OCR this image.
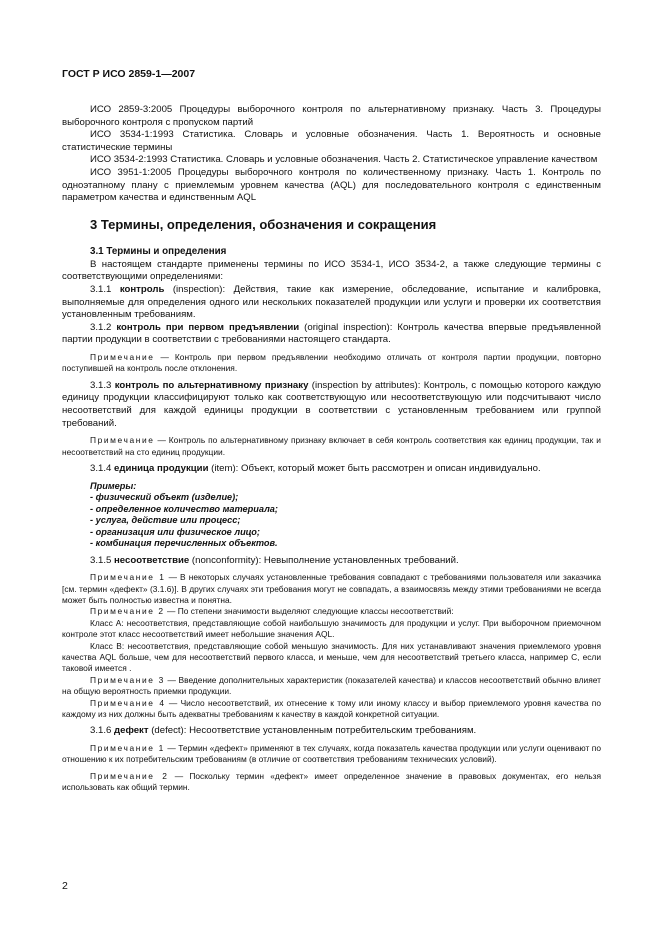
ГОСТ Р ИСО 2859-1—2007

ИСО 2859-3:2005 Процедуры выборочного контроля по альтернативному признаку. Часть 3. Процедуры выборочного контроля с пропуском партий

ИСО 3534-1:1993 Статистика. Словарь и условные обозначения. Часть 1. Вероятность и основные статистические термины

ИСО 3534-2:1993 Статистика. Словарь и условные обозначения. Часть 2. Статистическое управление качеством

ИСО 3951-1:2005 Процедуры выборочного контроля по количественному признаку. Часть 1. Контроль по одноэтапному плану с приемлемым уровнем качества (AQL) для последовательного контроля с единственным параметром качества и единственным AQL

3 Термины, определения, обозначения и сокращения
3.1 Термины и определения

В настоящем стандарте применены термины по ИСО 3534-1, ИСО 3534-2, а также следующие термины с соответствующими определениями:

3.1.1 контроль (inspection): Действия, такие как измерение, обследование, испытание и калибровка, выполняемые для определения одного или нескольких показателей продукции или услуги и проверки их соответствия установленным требованиям.

3.1.2 контроль при первом предъявлении (original inspection): Контроль качества впервые предъявленной партии продукции в соответствии с требованиями настоящего стандарта.

Примечание — Контроль при первом предъявлении необходимо отличать от контроля партии продукции, повторно поступившей на контроль после отклонения.

3.1.3 контроль по альтернативному признаку (inspection by attributes): Контроль, с помощью которого каждую единицу продукции классифицируют только как соответствующую или несоответствующую или подсчитывают число несоответствий для каждой единицы продукции в соответствии с установленным требованием или группой требований.

Примечание — Контроль по альтернативному признаку включает в себя контроль соответствия как единиц продукции, так и несоответствий на сто единиц продукции.

3.1.4 единица продукции (item): Объект, который может быть рассмотрен и описан индивидуально.

Примеры:

- физический объект (изделие);

- определенное количество материала;

- услуга, действие или процесс;

- организация или физическое лицо;

- комбинация перечисленных объектов.

3.1.5 несоответствие (nonconformity): Невыполнение установленных требований.

Примечание 1 — В некоторых случаях установленные требования совпадают с требованиями пользователя или заказчика [см. термин «дефект» (3.1.6)]. В других случаях эти требования могут не совпадать, а взаимосвязь между этими требованиями не всегда может быть полностью известна и понятна.

Примечание 2 — По степени значимости выделяют следующие классы несоответствий:

Класс А: несоответствия, представляющие собой наибольшую значимость для продукции и услуг. При выборочном приемочном контроле этот класс несоответствий имеет небольшие значения AQL.

Класс В: несоответствия, представляющие собой меньшую значимость. Для них устанавливают значения приемлемого уровня качества AQL больше, чем для несоответствий первого класса, и меньше, чем для несоответствий третьего класса, например С, если таковой имеется .

Примечание 3 — Введение дополнительных характеристик (показателей качества) и классов несоответствий обычно влияет на общую вероятность приемки продукции.

Примечание 4 — Число несоответствий, их отнесение к тому или иному классу и выбор приемлемого уровня качества по каждому из них должны быть адекватны требованиям к качеству в каждой конкретной ситуации.

3.1.6 дефект (defect): Несоответствие установленным потребительским требованиям.

Примечание 1 — Термин «дефект» применяют в тех случаях, когда показатель качества продукции или услуги оценивают по отношению к их потребительским требованиям (в отличие от соответствия требованиям технических условий).

Примечание 2 — Поскольку термин «дефект» имеет определенное значение в правовых документах, его нельзя использовать как общий термин.

2
